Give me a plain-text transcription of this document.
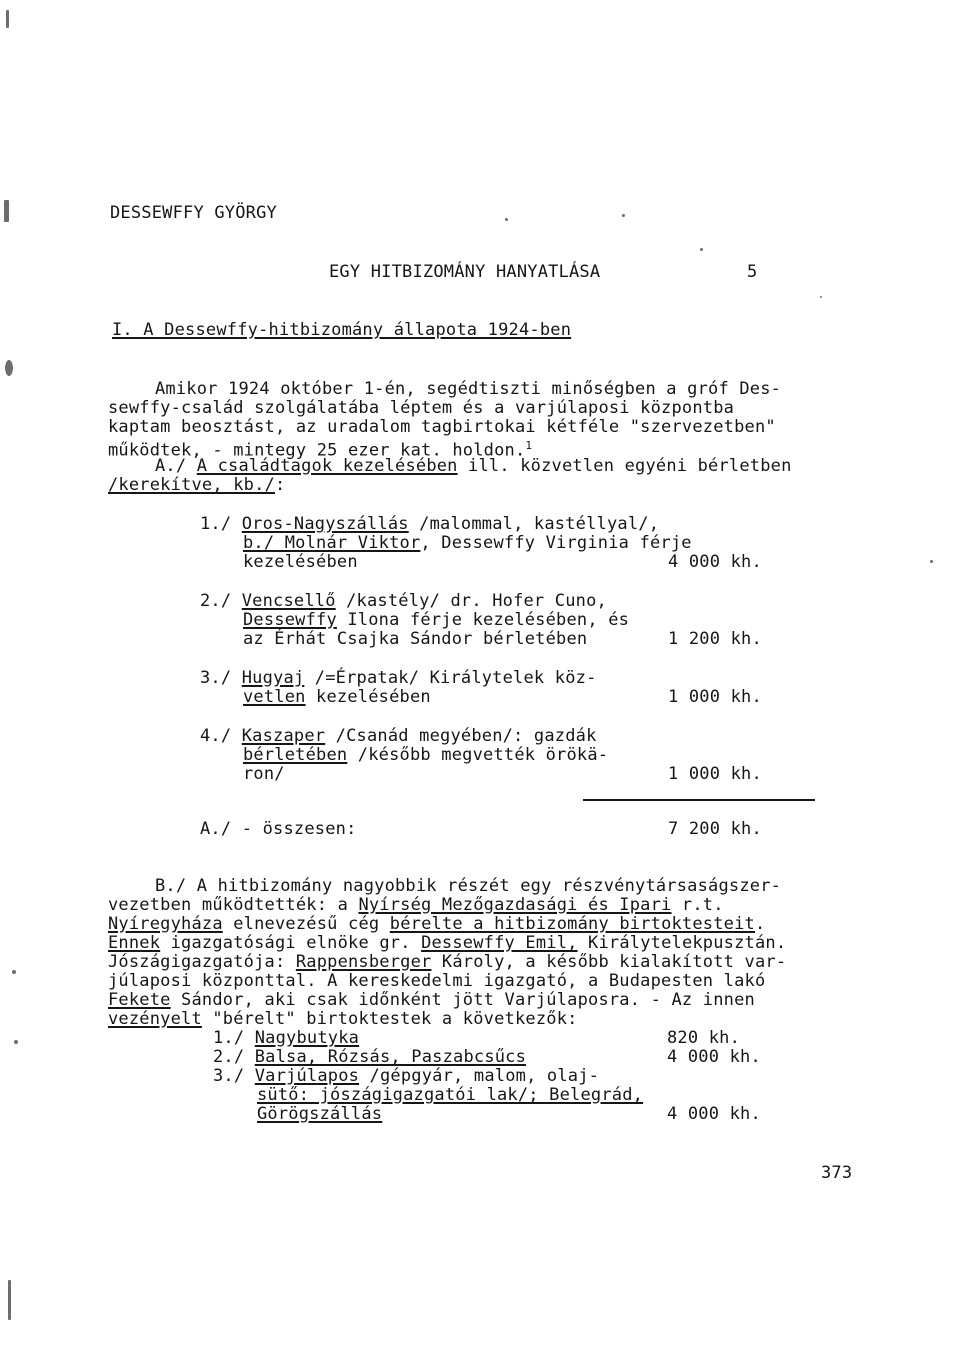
DESSEWFFY GYÖRGY
EGY HITBIZOMÁNY HANYATLÁSA	5
I. A Dessewffy-hitbizomány állapota 1924-ben
Amikor 1924 október 1-én, segédtiszti minőségben a gróf Des-
sewffy-család szolgálatába léptem és a varjúlaposi központba
kaptam beosztást, az uradalom tagbirtokai kétféle "szervezetben"
működtek, - mintegy 25 ezer kat. holdon.$^1$
A./ A családtagok kezelésében ill. közvetlen egyéni bérletben
/kerekítve, kb./:
1./ Oros-Nagyszállás /malommal, kastéllyal/,
b./ Molnár Viktor, Dessewffy Virginia férje
kezelésében	4 000 kh.
2./ Vencsellő /kastély/ dr. Hofer Cuno,
Dessewffy Ilona férje kezelésében, és
az Érhát Csajka Sándor bérletében	1 200 kh.
3./ Hugyaj /=Érpatak/ Királytelek köz-
vetlen kezelésében	1 000 kh.
4./ Kaszaper /Csanád megyében/: gazdák
bérletében /később megvették örökä-
ron/	1 000 kh.
A./ - összesen:	7 200 kh.
B./ A hitbizomány nagyobbik részét egy részvénytársaságszer-
vezetben működtették: a Nyírség Mezőgazdasági és Ipari r.t.
Nyíregyháza elnevezésű cég bérelte a hitbizomány birtoktesteit.
Ennek igazgatósági elnöke gr. Dessewffy Emil, Királytelekpusztán.
Jószágigazgatója: Rappensberger Károly, a később kialakított var-
júlaposi központtal. A kereskedelmi igazgató, a Budapesten lakó
Fekete Sándor, aki csak időnként jött Varjúlaposra. - Az innen
vezényelt "bérelt" birtoktestek a következők:
1./ Nagybutyka	820 kh.
2./ Balsa, Rózsás, Paszabcsűcs	4 000 kh.
3./ Varjúlapos /gépgyár, malom, olaj-
sütő: jószágigazgatói lak/; Belegrád,
Görögszállás	4 000 kh.
373
